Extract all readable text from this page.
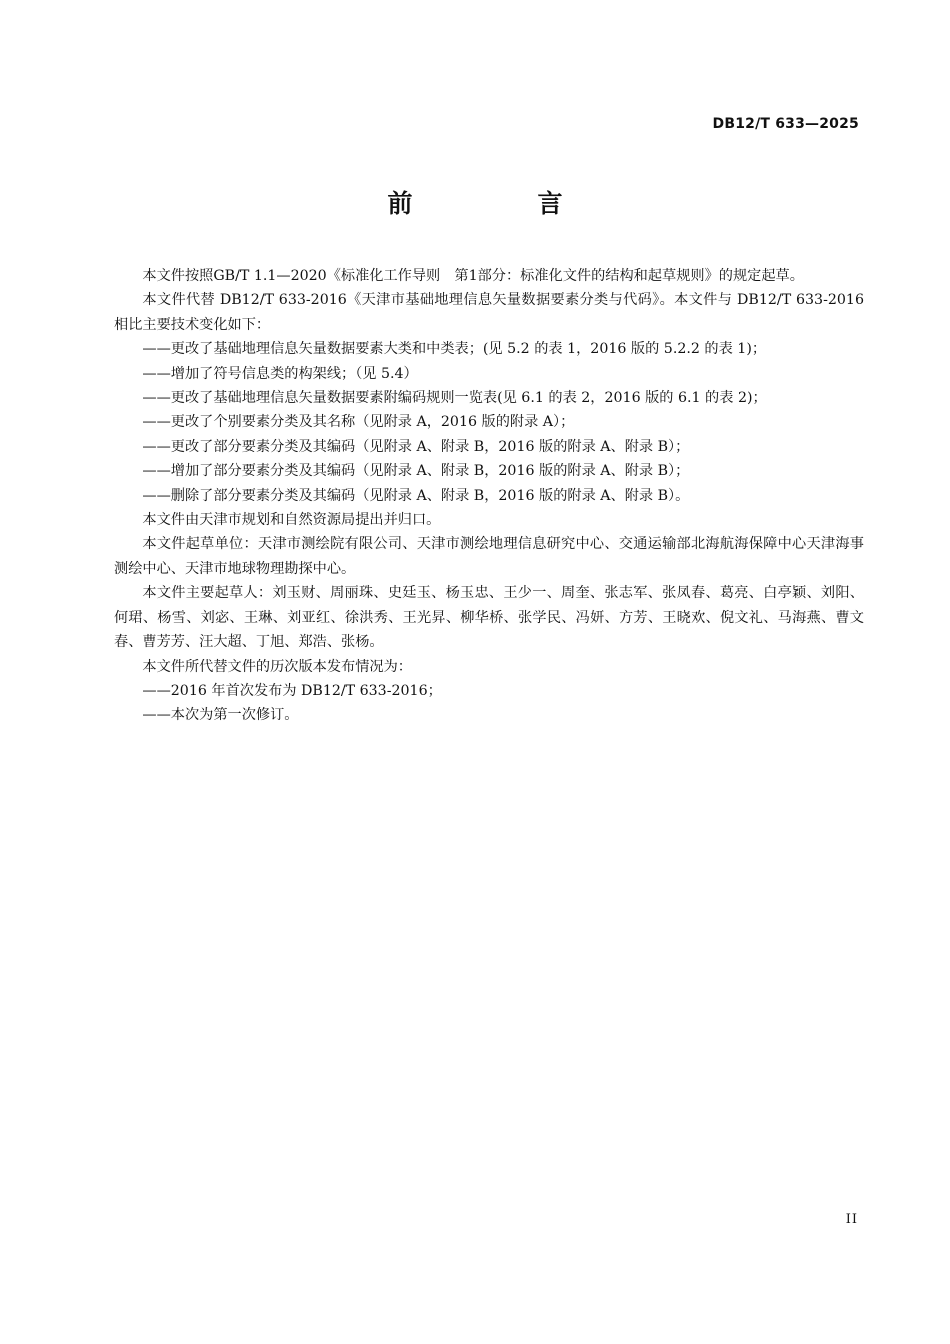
DB12/T 633—2025
前　言

本文件按照GB/T 1.1—2020《标准化工作导则　第1部分：标准化文件的结构和起草规则》的规定起草。

本文件代替 DB12/T 633-2016《天津市基础地理信息矢量数据要素分类与代码》。本文件与 DB12/T 633-2016 相比主要技术变化如下：

——更改了基础地理信息矢量数据要素大类和中类表；(见 5.2 的表 1，2016 版的 5.2.2 的表 1)；

——增加了符号信息类的构架线；（见 5.4）

——更改了基础地理信息矢量数据要素附编码规则一览表(见 6.1 的表 2，2016 版的 6.1 的表 2)；

——更改了个别要素分类及其名称（见附录 A，2016 版的附录 A）；

——更改了部分要素分类及其编码（见附录 A、附录 B，2016 版的附录 A、附录 B）；

——增加了部分要素分类及其编码（见附录 A、附录 B，2016 版的附录 A、附录 B）；

——删除了部分要素分类及其编码（见附录 A、附录 B，2016 版的附录 A、附录 B）。

本文件由天津市规划和自然资源局提出并归口。

本文件起草单位：天津市测绘院有限公司、天津市测绘地理信息研究中心、交通运输部北海航海保障中心天津海事测绘中心、天津市地球物理勘探中心。

本文件主要起草人：刘玉财、周丽珠、史廷玉、杨玉忠、王少一、周奎、张志军、张凤春、葛亮、白亭颖、刘阳、何珺、杨雪、刘宓、王琳、刘亚红、徐洪秀、王光昇、柳华桥、张学民、冯妍、方芳、王晓欢、倪文礼、马海燕、曹文春、曹芳芳、汪大超、丁旭、郑浩、张杨。

本文件所代替文件的历次版本发布情况为：

——2016 年首次发布为 DB12/T 633-2016；

——本次为第一次修订。

II
